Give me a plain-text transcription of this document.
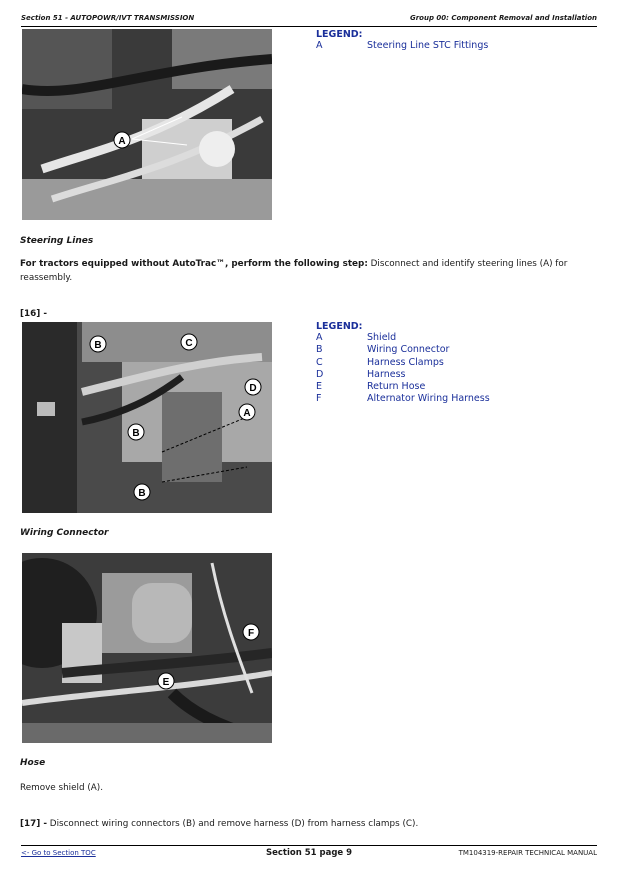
Section 51 - AUTOPOWR/IVT TRANSMISSION	Group 00: Component Removal and Installation
A
LEGEND:
A	Steering Line STC Fittings
Steering Lines
For tractors equipped without AutoTrac™, perform the following step: Disconnect and identify steering lines (A) for reassembly.
[16] -
B	C
D
A
B
B
LEGEND:
A	Shield
B	Wiring Connector
C	Harness Clamps
D	Harness
E	Return Hose
F	Alternator Wiring Harness
Wiring Connector
F
E
Hose
Remove shield (A).
[17] - Disconnect wiring connectors (B) and remove harness (D) from harness clamps (C).
<- Go to Section TOC	Section 51 page 9	TM104319-REPAIR TECHNICAL MANUAL
